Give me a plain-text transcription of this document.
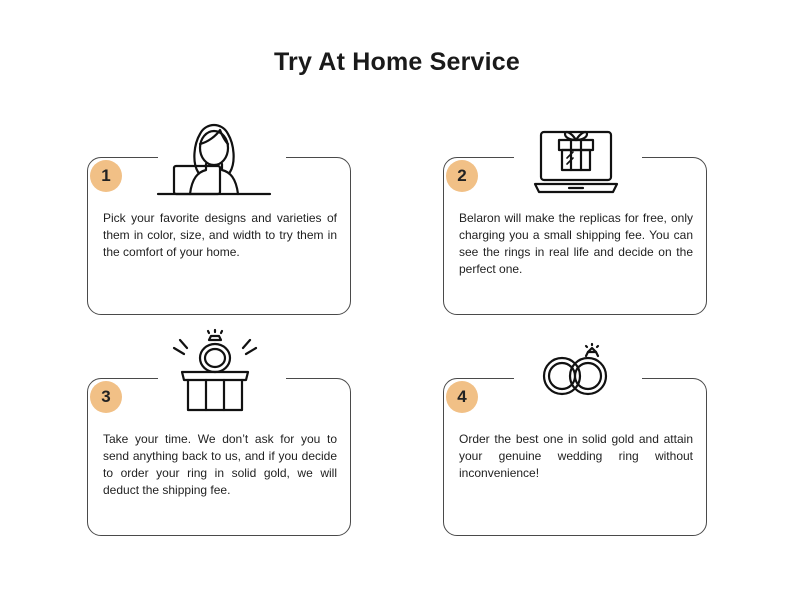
Try At Home Service
1
Pick your favorite designs and varieties of them in color, size, and width to try them in the comfort of your home.
2
Belaron will make the replicas for free, only charging you a small shipping fee. You can see the rings in real life and decide on the perfect one.
3
Take your time. We don’t ask for you to send anything back to us, and if you decide to order your ring in solid gold, we will deduct the shipping fee.
4
Order the best one in solid gold and attain your genuine wedding ring without inconvenience!
